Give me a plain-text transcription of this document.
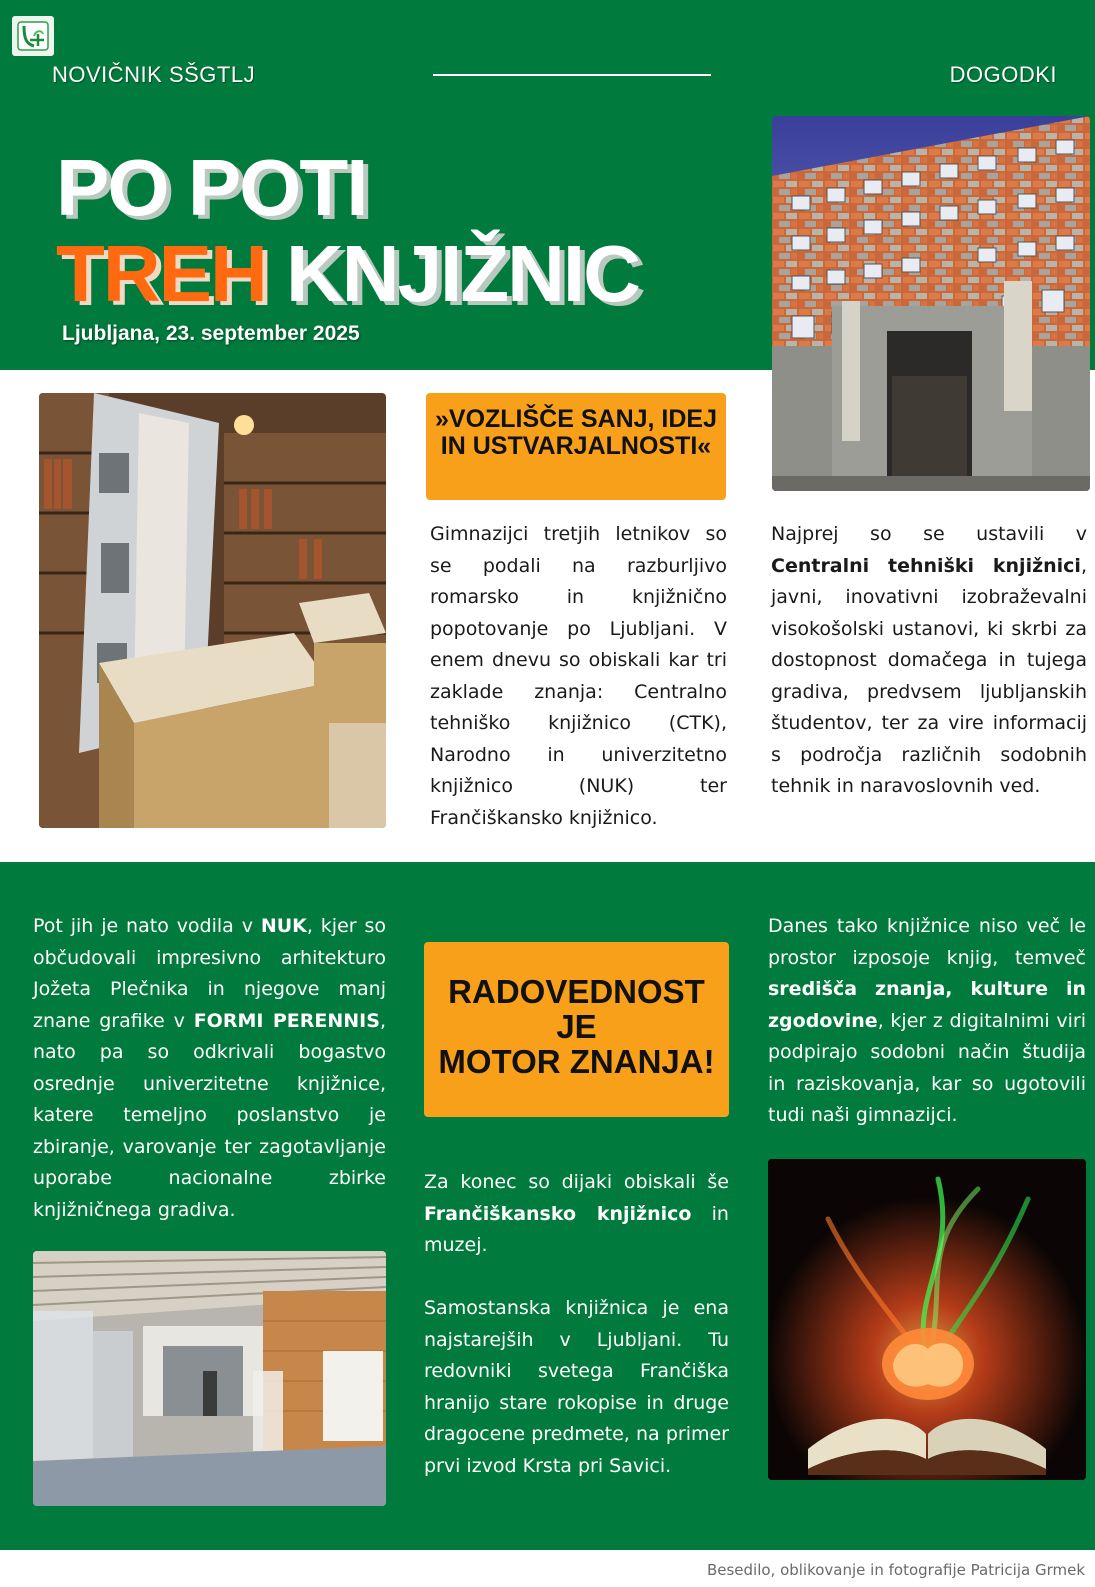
NOVIČNIK SŠGTLJ	DOGODKI
PO POTI
TREH KNJIŽNIC
Ljubljana, 23. september 2025
»VOZLIŠČE SANJ, IDEJ IN USTVARJALNOSTI«
RADOVEDNOST
JE
MOTOR ZNANJA!
Gimnazijci tretjih letnikov so se podali na razburljivo romarsko in knjižnično popotovanje po Ljubljani. V enem dnevu so obiskali kar tri zaklade znanja: Centralno tehniško knjižnico (CTK), Narodno in univerzitetno knjižnico (NUK) ter Frančiškansko knjižnico.
Najprej so se ustavili v Centralni tehniški knjižnici, javni, inovativni izobraževalni visokošolski ustanovi, ki skrbi za dostopnost domačega in tujega gradiva, predvsem ljubljanskih študentov, ter za vire informacij s področja različnih sodobnih tehnik in naravoslovnih ved.
Pot jih je nato vodila v NUK, kjer so občudovali impresivno arhitekturo Jožeta Plečnika in njegove manj znane grafike v FORMI PERENNIS, nato pa so odkrivali bogastvo osrednje univerzitetne knjižnice, katere temeljno poslanstvo je zbiranje, varovanje ter zagotavljanje uporabe nacionalne zbirke knjižničnega gradiva.
Za konec so dijaki obiskali še Frančiškansko knjižnico in muzej.
Samostanska knjižnica je ena najstarejših v Ljubljani. Tu redovniki svetega Frančiška hranijo stare rokopise in druge dragocene predmete, na primer prvi izvod Krsta pri Savici.
Danes tako knjižnice niso več le prostor izposoje knjig, temveč središča znanja, kulture in zgodovine, kjer z digitalnimi viri podpirajo sodobni način študija in raziskovanja, kar so ugotovili tudi naši gimnazijci.
Besedilo, oblikovanje in fotografije Patricija Grmek
